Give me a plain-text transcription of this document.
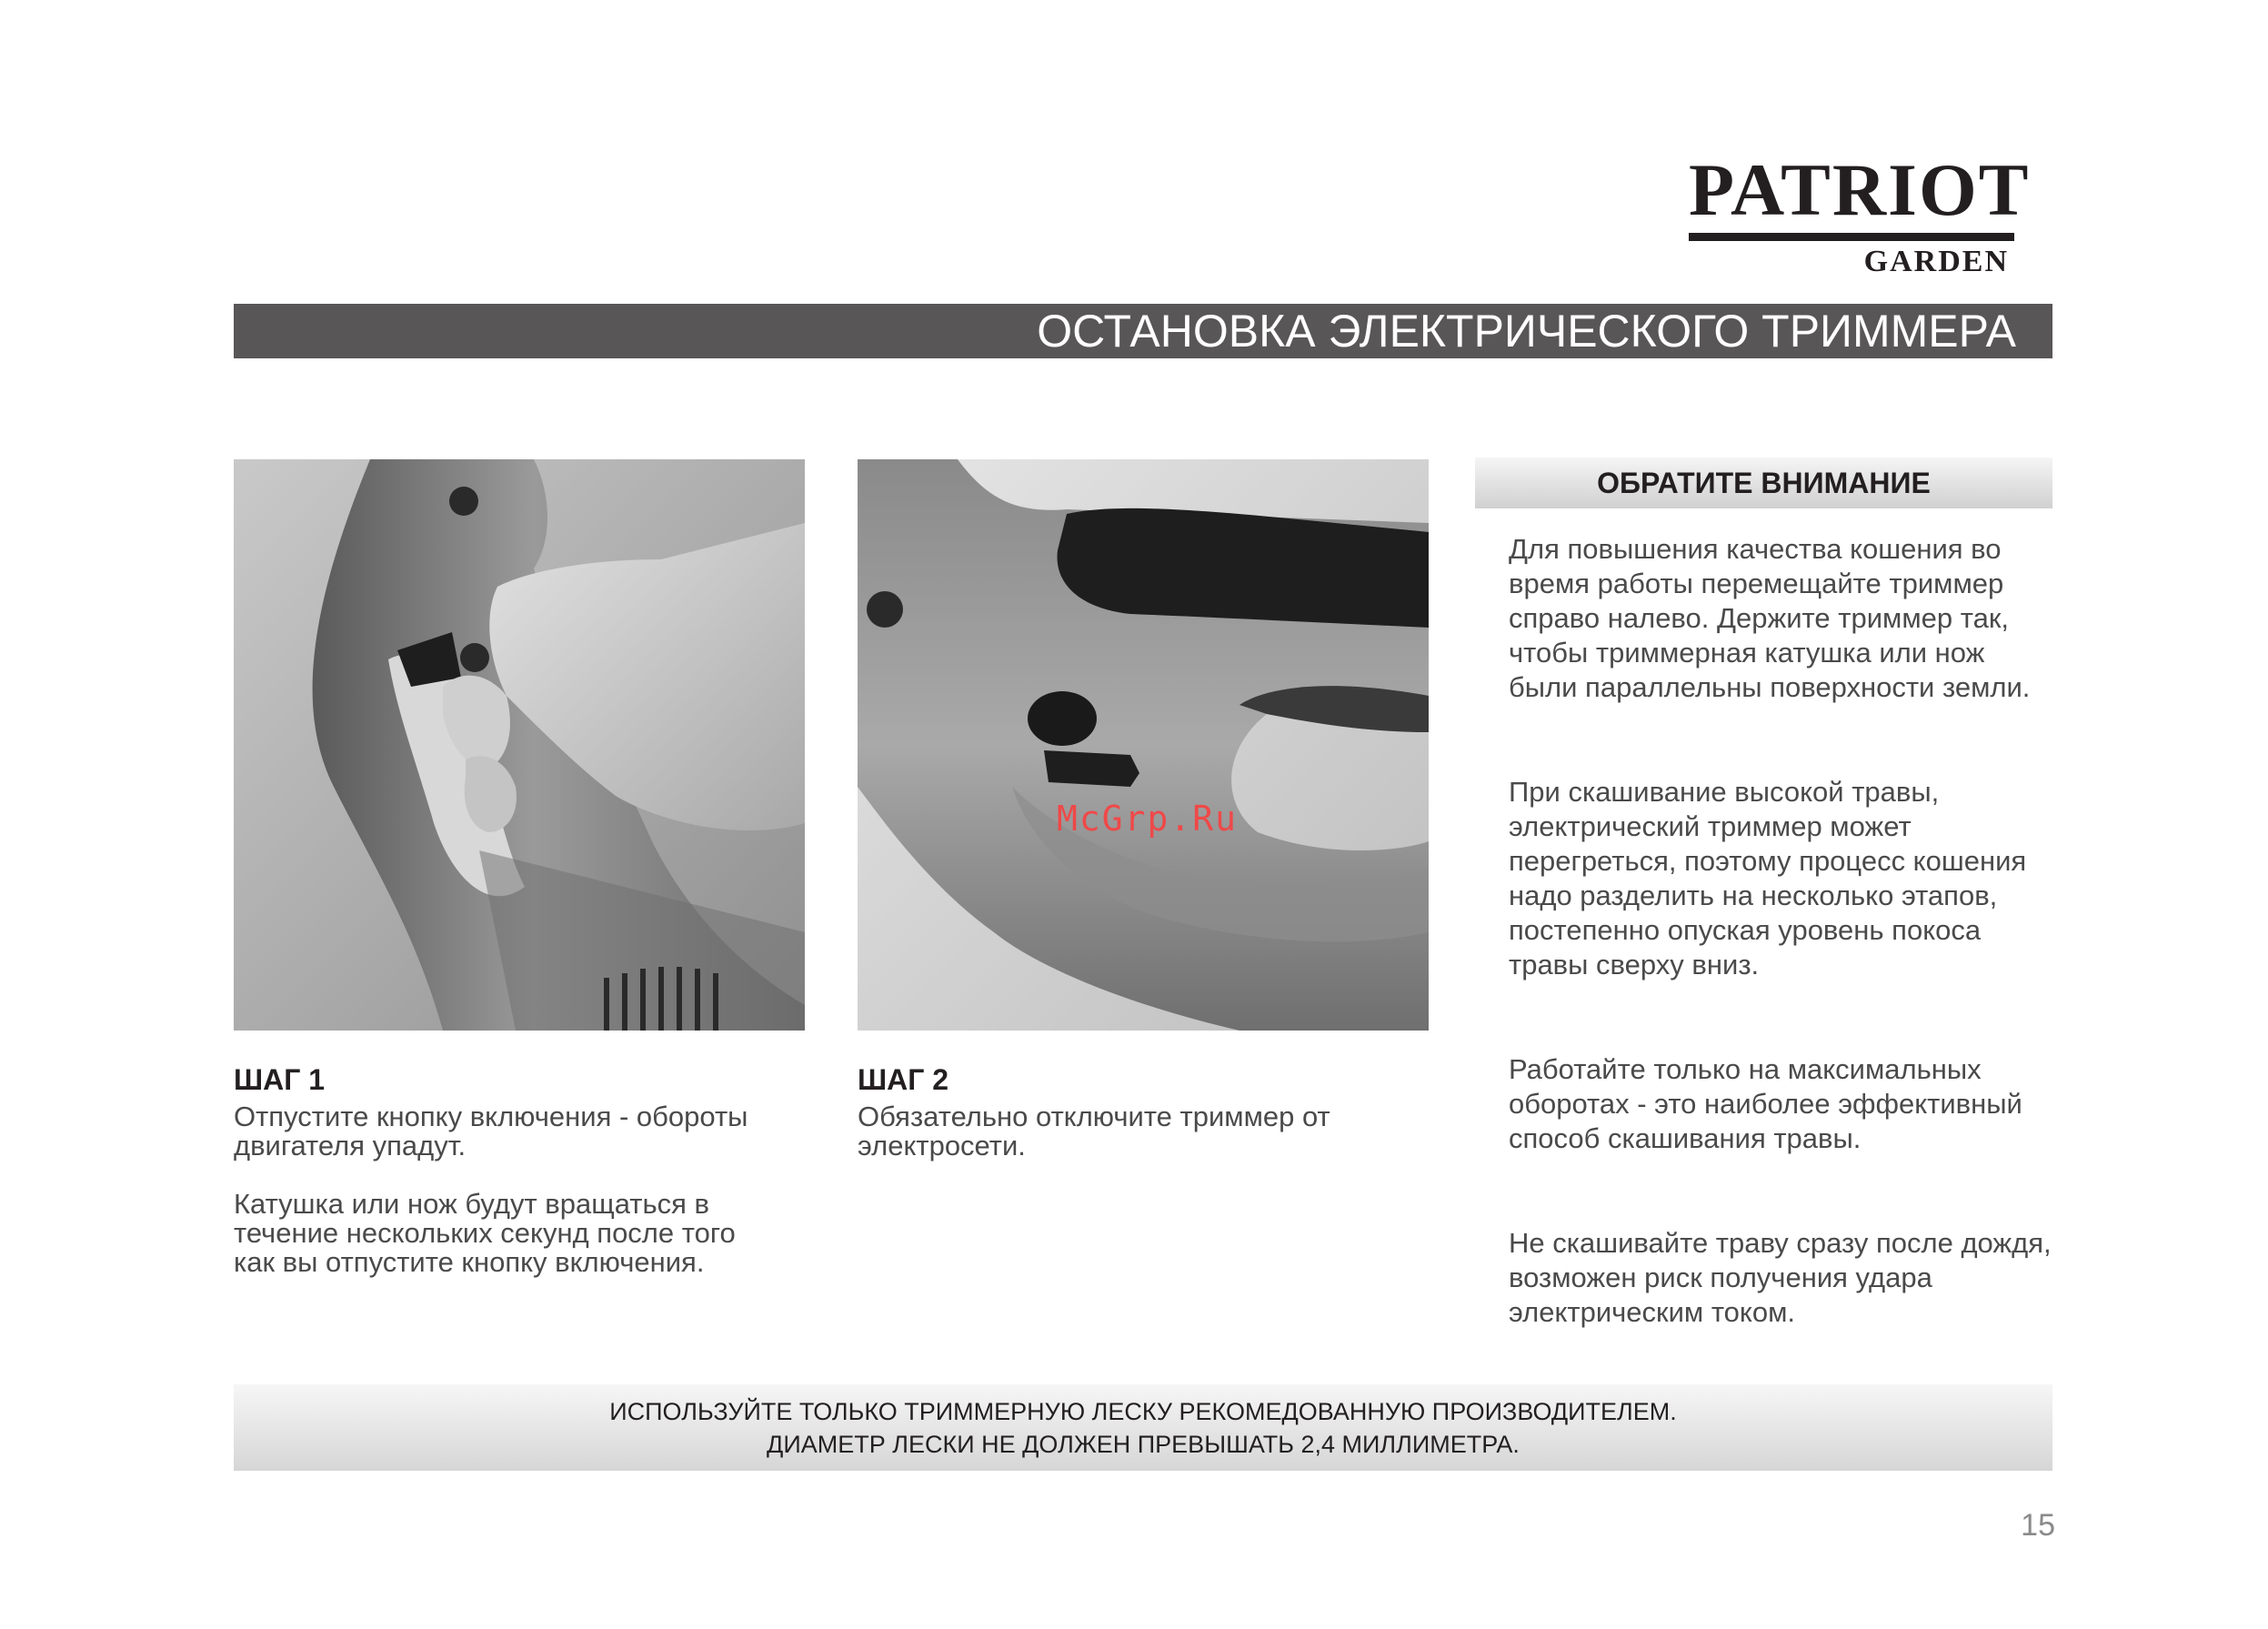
PATRIOT
GARDEN
ОСТАНОВКА ЭЛЕКТРИЧЕСКОГО ТРИММЕРА
McGrp.Ru
ШАГ 1
Отпустите кнопку включения - обороты
двигателя упадут.
Катушка или нож будут вращаться в
течение нескольких секунд после того
как вы отпустите кнопку включения.
ШАГ 2
Обязательно отключите триммер от
электросети.
ОБРАТИТЕ ВНИМАНИЕ
Для повышения качества кошения во время работы перемещайте триммер справо налево. Держите триммер так, чтобы триммерная катушка или нож были параллельны поверхности земли.
При скашивание высокой травы, электрический триммер может перегреться, поэтому процесс кошения надо разделить на несколько этапов, постепенно опуская уровень покоса травы сверху вниз.
Работайте только на максимальных оборотах - это наиболее эффективный способ скашивания травы.
Не скашивайте траву сразу после дождя, возможен риск получения удара электрическим током.
ИСПОЛЬЗУЙТЕ ТОЛЬКО ТРИММЕРНУЮ ЛЕСКУ РЕКОМЕДОВАННУЮ ПРОИЗВОДИТЕЛЕМ.
ДИАМЕТР ЛЕСКИ НЕ ДОЛЖЕН ПРЕВЫШАТЬ 2,4 МИЛЛИМЕТРА.
15
